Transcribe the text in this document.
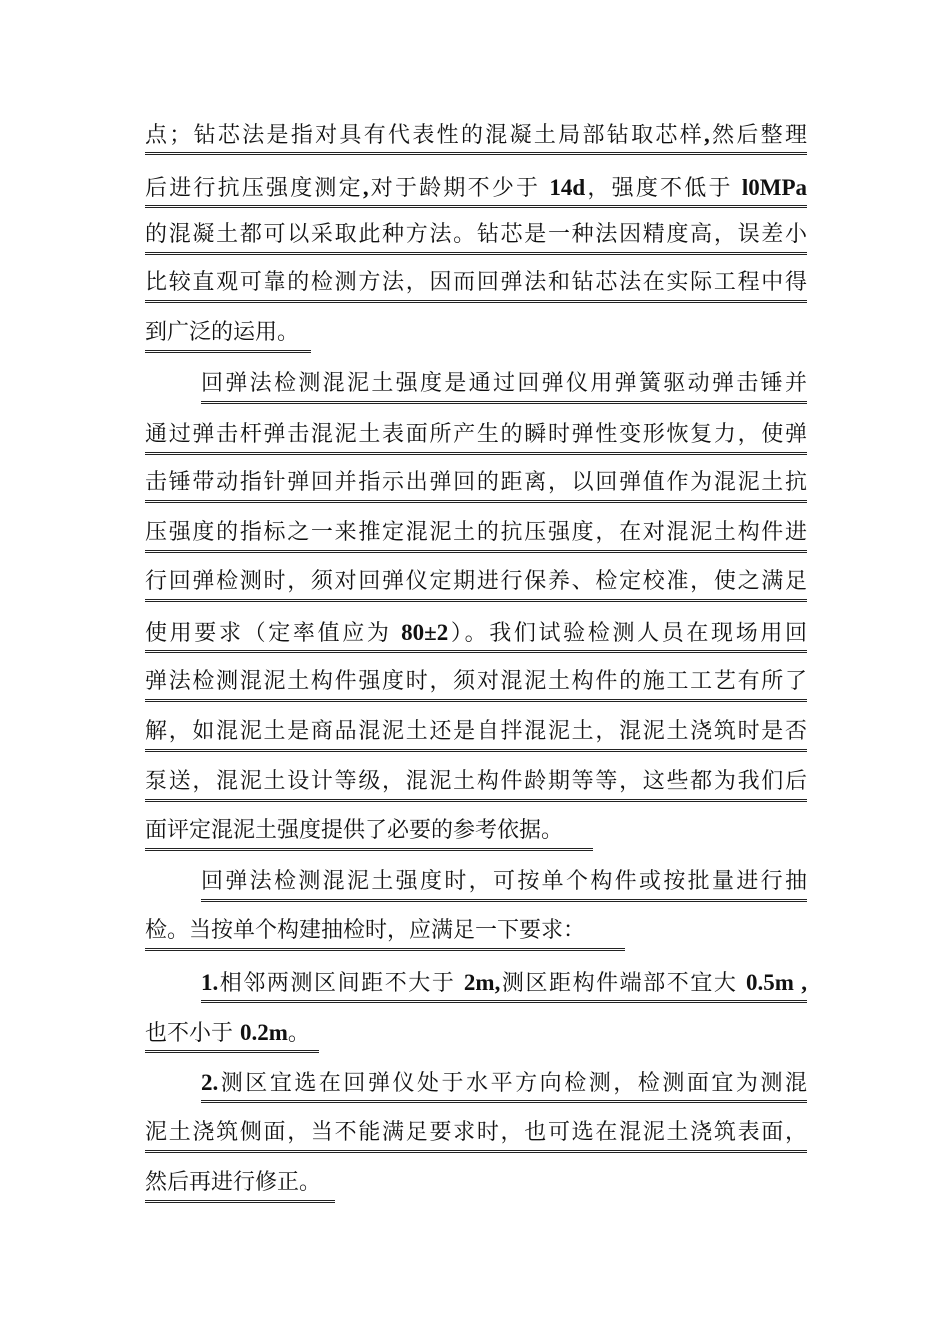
点；钻芯法是指对具有代表性的混凝土局部钻取芯样,然后整理
后进行抗压强度测定,对于龄期不少于 14d，强度不低于 l0MPa
的混凝土都可以采取此种方法。钻芯是一种法因精度高，误差小
比较直观可靠的检测方法，因而回弹法和钻芯法在实际工程中得
到广泛的运用。
回弹法检测混泥土强度是通过回弹仪用弹簧驱动弹击锤并
通过弹击杆弹击混泥土表面所产生的瞬时弹性变形恢复力，使弹
击锤带动指针弹回并指示出弹回的距离，以回弹值作为混泥土抗
压强度的指标之一来推定混泥土的抗压强度，在对混泥土构件进
行回弹检测时，须对回弹仪定期进行保养、检定校准，使之满足
使用要求（定率值应为 80±2）。我们试验检测人员在现场用回
弹法检测混泥土构件强度时，须对混泥土构件的施工工艺有所了
解，如混泥土是商品混泥土还是自拌混泥土，混泥土浇筑时是否
泵送，混泥土设计等级，混泥土构件龄期等等，这些都为我们后
面评定混泥土强度提供了必要的参考依据。
回弹法检测混泥土强度时，可按单个构件或按批量进行抽
检。当按单个构建抽检时，应满足一下要求：
1.相邻两测区间距不大于 2m,测区距构件端部不宜大 0.5m ,
也不小于 0.2m。
2.测区宜选在回弹仪处于水平方向检测，检测面宜为测混
泥土浇筑侧面，当不能满足要求时，也可选在混泥土浇筑表面，
然后再进行修正。
